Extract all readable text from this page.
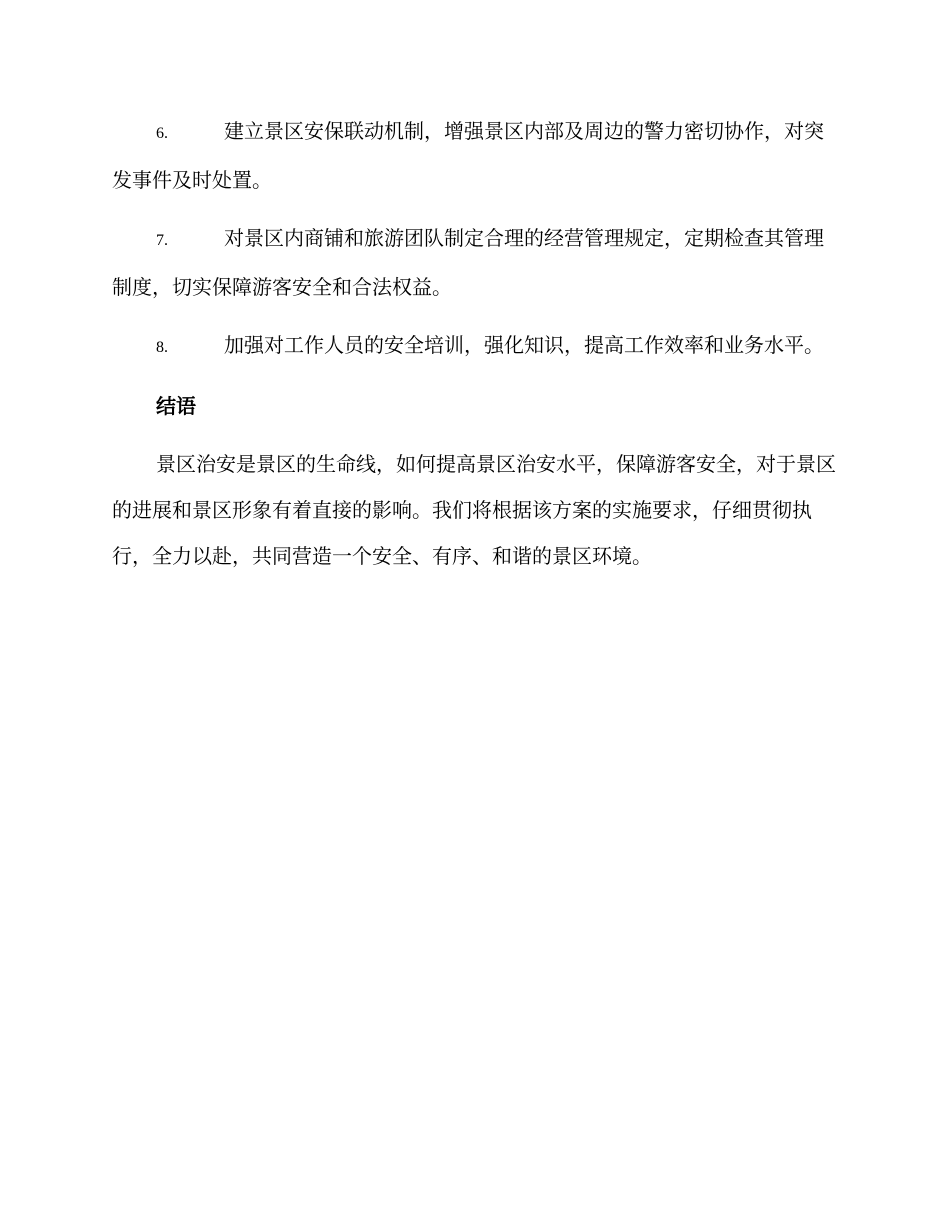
6.	建立景区安保联动机制，增强景区内部及周边的警力密切协作，对突发事件及时处置。

7.	对景区内商铺和旅游团队制定合理的经营管理规定，定期检查其管理制度，切实保障游客安全和合法权益。

8.	加强对工作人员的安全培训，强化知识，提高工作效率和业务水平。

结语

景区治安是景区的生命线，如何提高景区治安水平，保障游客安全，对于景区的进展和景区形象有着直接的影响。我们将根据该方案的实施要求，仔细贯彻执行，全力以赴，共同营造一个安全、有序、和谐的景区环境。
